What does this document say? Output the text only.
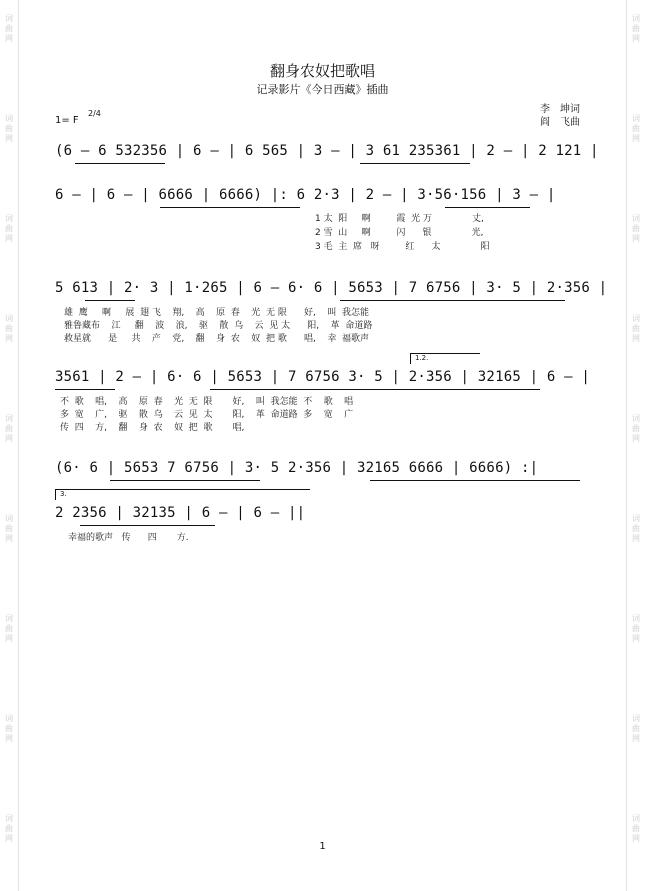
词曲网
词曲网
词曲网
词曲网
词曲网
词曲网
词曲网
词曲网
词曲网
词曲网
词曲网
词曲网
词曲网
词曲网
词曲网
词曲网
词曲网
词曲网
翻身农奴把歌唱
记录影片《今日西藏》插曲
1= F
2/4	李　坤词
阎　飞曲
(6 — 6 532356 | 6 — | 6 565 | 3 — | 3 61 235361 | 2 — | 2 121 |
6 — | 6 — | 6666 | 6666) |: 6 2·3 | 2 — | 3·56·156 | 3 — |
1 太  阳     啊         霞  光 万              丈,
2 雪  山     啊         闪      银              光,
3 毛  主  席   呀         红      太              阳
5 613 | 2· 3 | 1·265 | 6 — 6· 6 | 5653 | 7 6756 | 3· 5 | 2·356 |
雄  鹰     啊     展  翅 飞    翔,    高    原  春    光  无 限      好,    叫  我怎能
雅鲁藏布    江     翻    波    浪,    驱    散  乌    云  见 太      阳,    革  命道路
救星就      是     共    产    党,    翻    身  农    奴  把 歌      唱,    幸  福歌声
1.2.
3561 | 2 — | 6· 6 | 5653 | 7 6756 3· 5 | 2·356 | 32165 | 6 — |
不  歌    唱,    高    原  春    光  无  限       好,    叫  我怎能  不    歌    唱
多  宽    广,    驱    散  乌    云  见  太       阳,    革  命道路  多    宽    广
传  四    方,    翻    身  农    奴  把  歌       唱,
(6· 6 | 5653 7 6756 | 3· 5 2·356 | 32165 6666 | 6666) :|
3.
2 2356 | 32135 | 6 — | 6 — ||
幸福的歌声   传      四       方.
1
